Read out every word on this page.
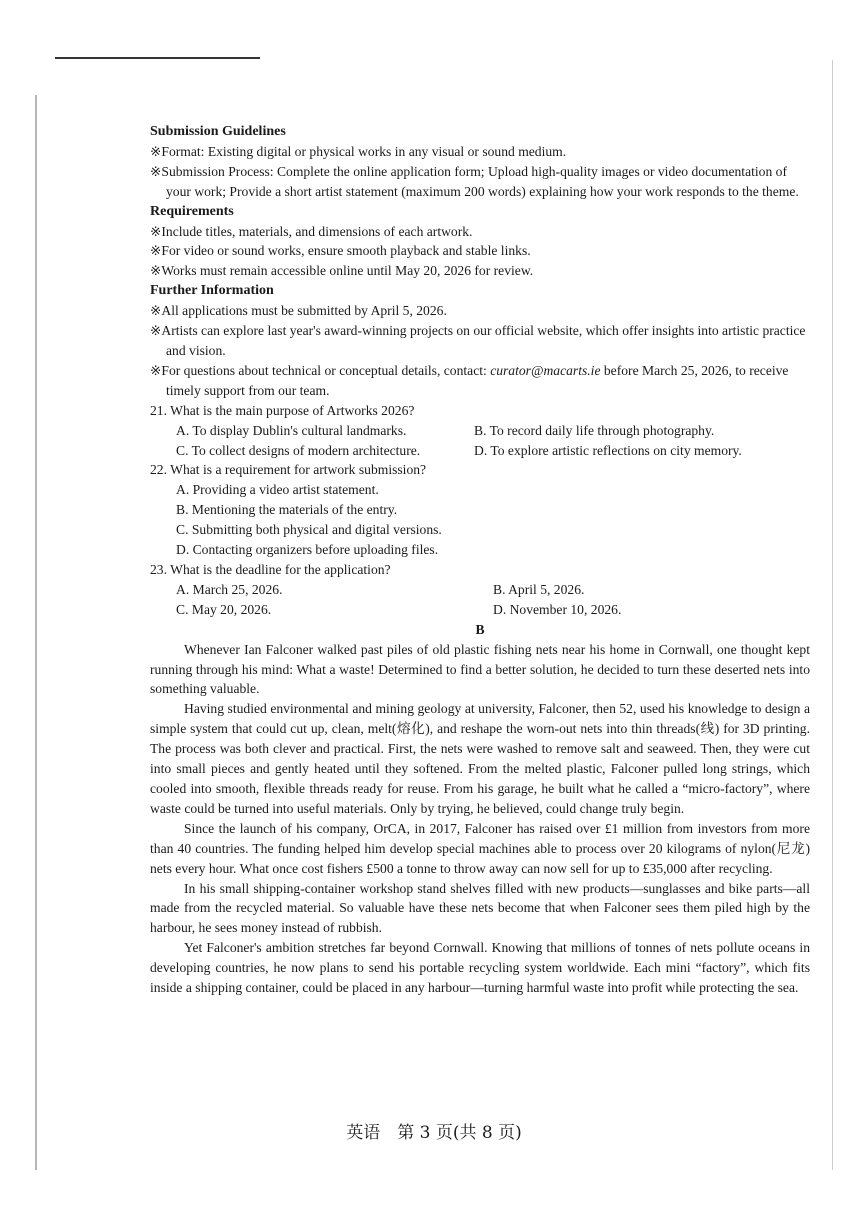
Submission Guidelines
※Format: Existing digital or physical works in any visual or sound medium.
※Submission Process: Complete the online application form; Upload high-quality images or video documentation of your work; Provide a short artist statement (maximum 200 words) explaining how your work responds to the theme.
Requirements
※Include titles, materials, and dimensions of each artwork.
※For video or sound works, ensure smooth playback and stable links.
※Works must remain accessible online until May 20, 2026 for review.
Further Information
※All applications must be submitted by April 5, 2026.
※Artists can explore last year's award-winning projects on our official website, which offer insights into artistic practice and vision.
※For questions about technical or conceptual details, contact: curator@macarts.ie before March 25, 2026, to receive timely support from our team.
21. What is the main purpose of Artworks 2026?
A. To display Dublin's cultural landmarks.	B. To record daily life through photography.
C. To collect designs of modern architecture.	D. To explore artistic reflections on city memory.
22. What is a requirement for artwork submission?
A. Providing a video artist statement.
B. Mentioning the materials of the entry.
C. Submitting both physical and digital versions.
D. Contacting organizers before uploading files.
23. What is the deadline for the application?
A. March 25, 2026.	B. April 5, 2026.
C. May 20, 2026.	D. November 10, 2026.
B
Whenever Ian Falconer walked past piles of old plastic fishing nets near his home in Cornwall, one thought kept running through his mind: What a waste! Determined to find a better solution, he decided to turn these deserted nets into something valuable.
Having studied environmental and mining geology at university, Falconer, then 52, used his knowledge to design a simple system that could cut up, clean, melt(熔化), and reshape the worn-out nets into thin threads(线) for 3D printing. The process was both clever and practical. First, the nets were washed to remove salt and seaweed. Then, they were cut into small pieces and gently heated until they softened. From the melted plastic, Falconer pulled long strings, which cooled into smooth, flexible threads ready for reuse. From his garage, he built what he called a “micro-factory”, where waste could be turned into useful materials. Only by trying, he believed, could change truly begin.
Since the launch of his company, OrCA, in 2017, Falconer has raised over £1 million from investors from more than 40 countries. The funding helped him develop special machines able to process over 20 kilograms of nylon(尼龙) nets every hour. What once cost fishers £500 a tonne to throw away can now sell for up to £35,000 after recycling.
In his small shipping-container workshop stand shelves filled with new products—sunglasses and bike parts—all made from the recycled material. So valuable have these nets become that when Falconer sees them piled high by the harbour, he sees money instead of rubbish.
Yet Falconer's ambition stretches far beyond Cornwall. Knowing that millions of tonnes of nets pollute oceans in developing countries, he now plans to send his portable recycling system worldwide. Each mini “factory”, which fits inside a shipping container, could be placed in any harbour—turning harmful waste into profit while protecting the sea.
英语　第 3 页(共 8 页)
